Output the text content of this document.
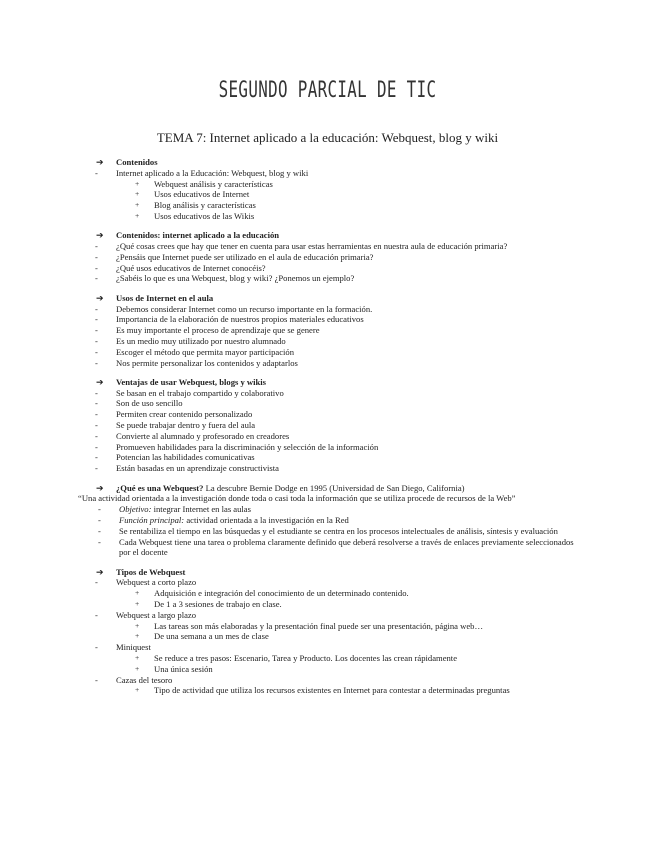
SEGUNDO PARCIAL DE TIC
TEMA 7: Internet aplicado a la educación: Webquest, blog y wiki
➔	Contenidos
-	Internet aplicado a la Educación: Webquest, blog y wiki
+	Webquest análisis y características
+	Usos educativos de Internet
+	Blog análisis y características
+	Usos educativos de las Wikis
➔	Contenidos: internet aplicado a la educación
-	¿Qué cosas crees que hay que tener en cuenta para usar estas herramientas en nuestra aula de educación primaria?
-	¿Pensáis que Internet puede ser utilizado en el aula de educación primaria?
-	¿Qué usos educativos de Internet conocéis?
-	¿Sabéis lo que es una Webquest, blog y wiki? ¿Ponemos un ejemplo?
➔	Usos de Internet en el aula
-	Debemos considerar Internet como un recurso importante en la formación.
-	Importancia de la elaboración de nuestros propios materiales educativos
-	Es muy importante el proceso de aprendizaje que se genere
-	Es un medio muy utilizado por nuestro alumnado
-	Escoger el método que permita mayor participación
-	Nos permite personalizar los contenidos y adaptarlos
➔	Ventajas de usar Webquest, blogs y wikis
-	Se basan en el trabajo compartido y colaborativo
-	Son de uso sencillo
-	Permiten crear contenido personalizado
-	Se puede trabajar dentro y fuera del aula
-	Convierte al alumnado y profesorado en creadores
-	Promueven habilidades para la discriminación y selección de la información
-	Potencian las habilidades comunicativas
-	Están basadas en un aprendizaje constructivista
➔	¿Qué es una Webquest? La descubre Bernie Dodge en 1995 (Universidad de San Diego, California)
“Una actividad orientada a la investigación donde toda o casi toda la información que se utiliza procede de recursos de la Web”
-	Objetivo: integrar Internet en las aulas
-	Función principal: actividad orientada a la investigación en la Red
-	Se rentabiliza el tiempo en las búsquedas y el estudiante se centra en los procesos intelectuales de análisis, síntesis y evaluación
-	Cada Webquest tiene una tarea o problema claramente definido que deberá resolverse a través de enlaces previamente seleccionados por el docente
➔	Tipos de Webquest
-	Webquest a corto plazo
+	Adquisición e integración del conocimiento de un determinado contenido.
+	De 1 a 3 sesiones de trabajo en clase.
-	Webquest a largo plazo
+	Las tareas son más elaboradas y la presentación final puede ser una presentación, página web…
+	De una semana a un mes de clase
-	Miniquest
+	Se reduce a tres pasos: Escenario, Tarea y Producto. Los docentes las crean rápidamente
+	Una única sesión
-	Cazas del tesoro
+	Tipo de actividad que utiliza los recursos existentes en Internet para contestar a determinadas preguntas
